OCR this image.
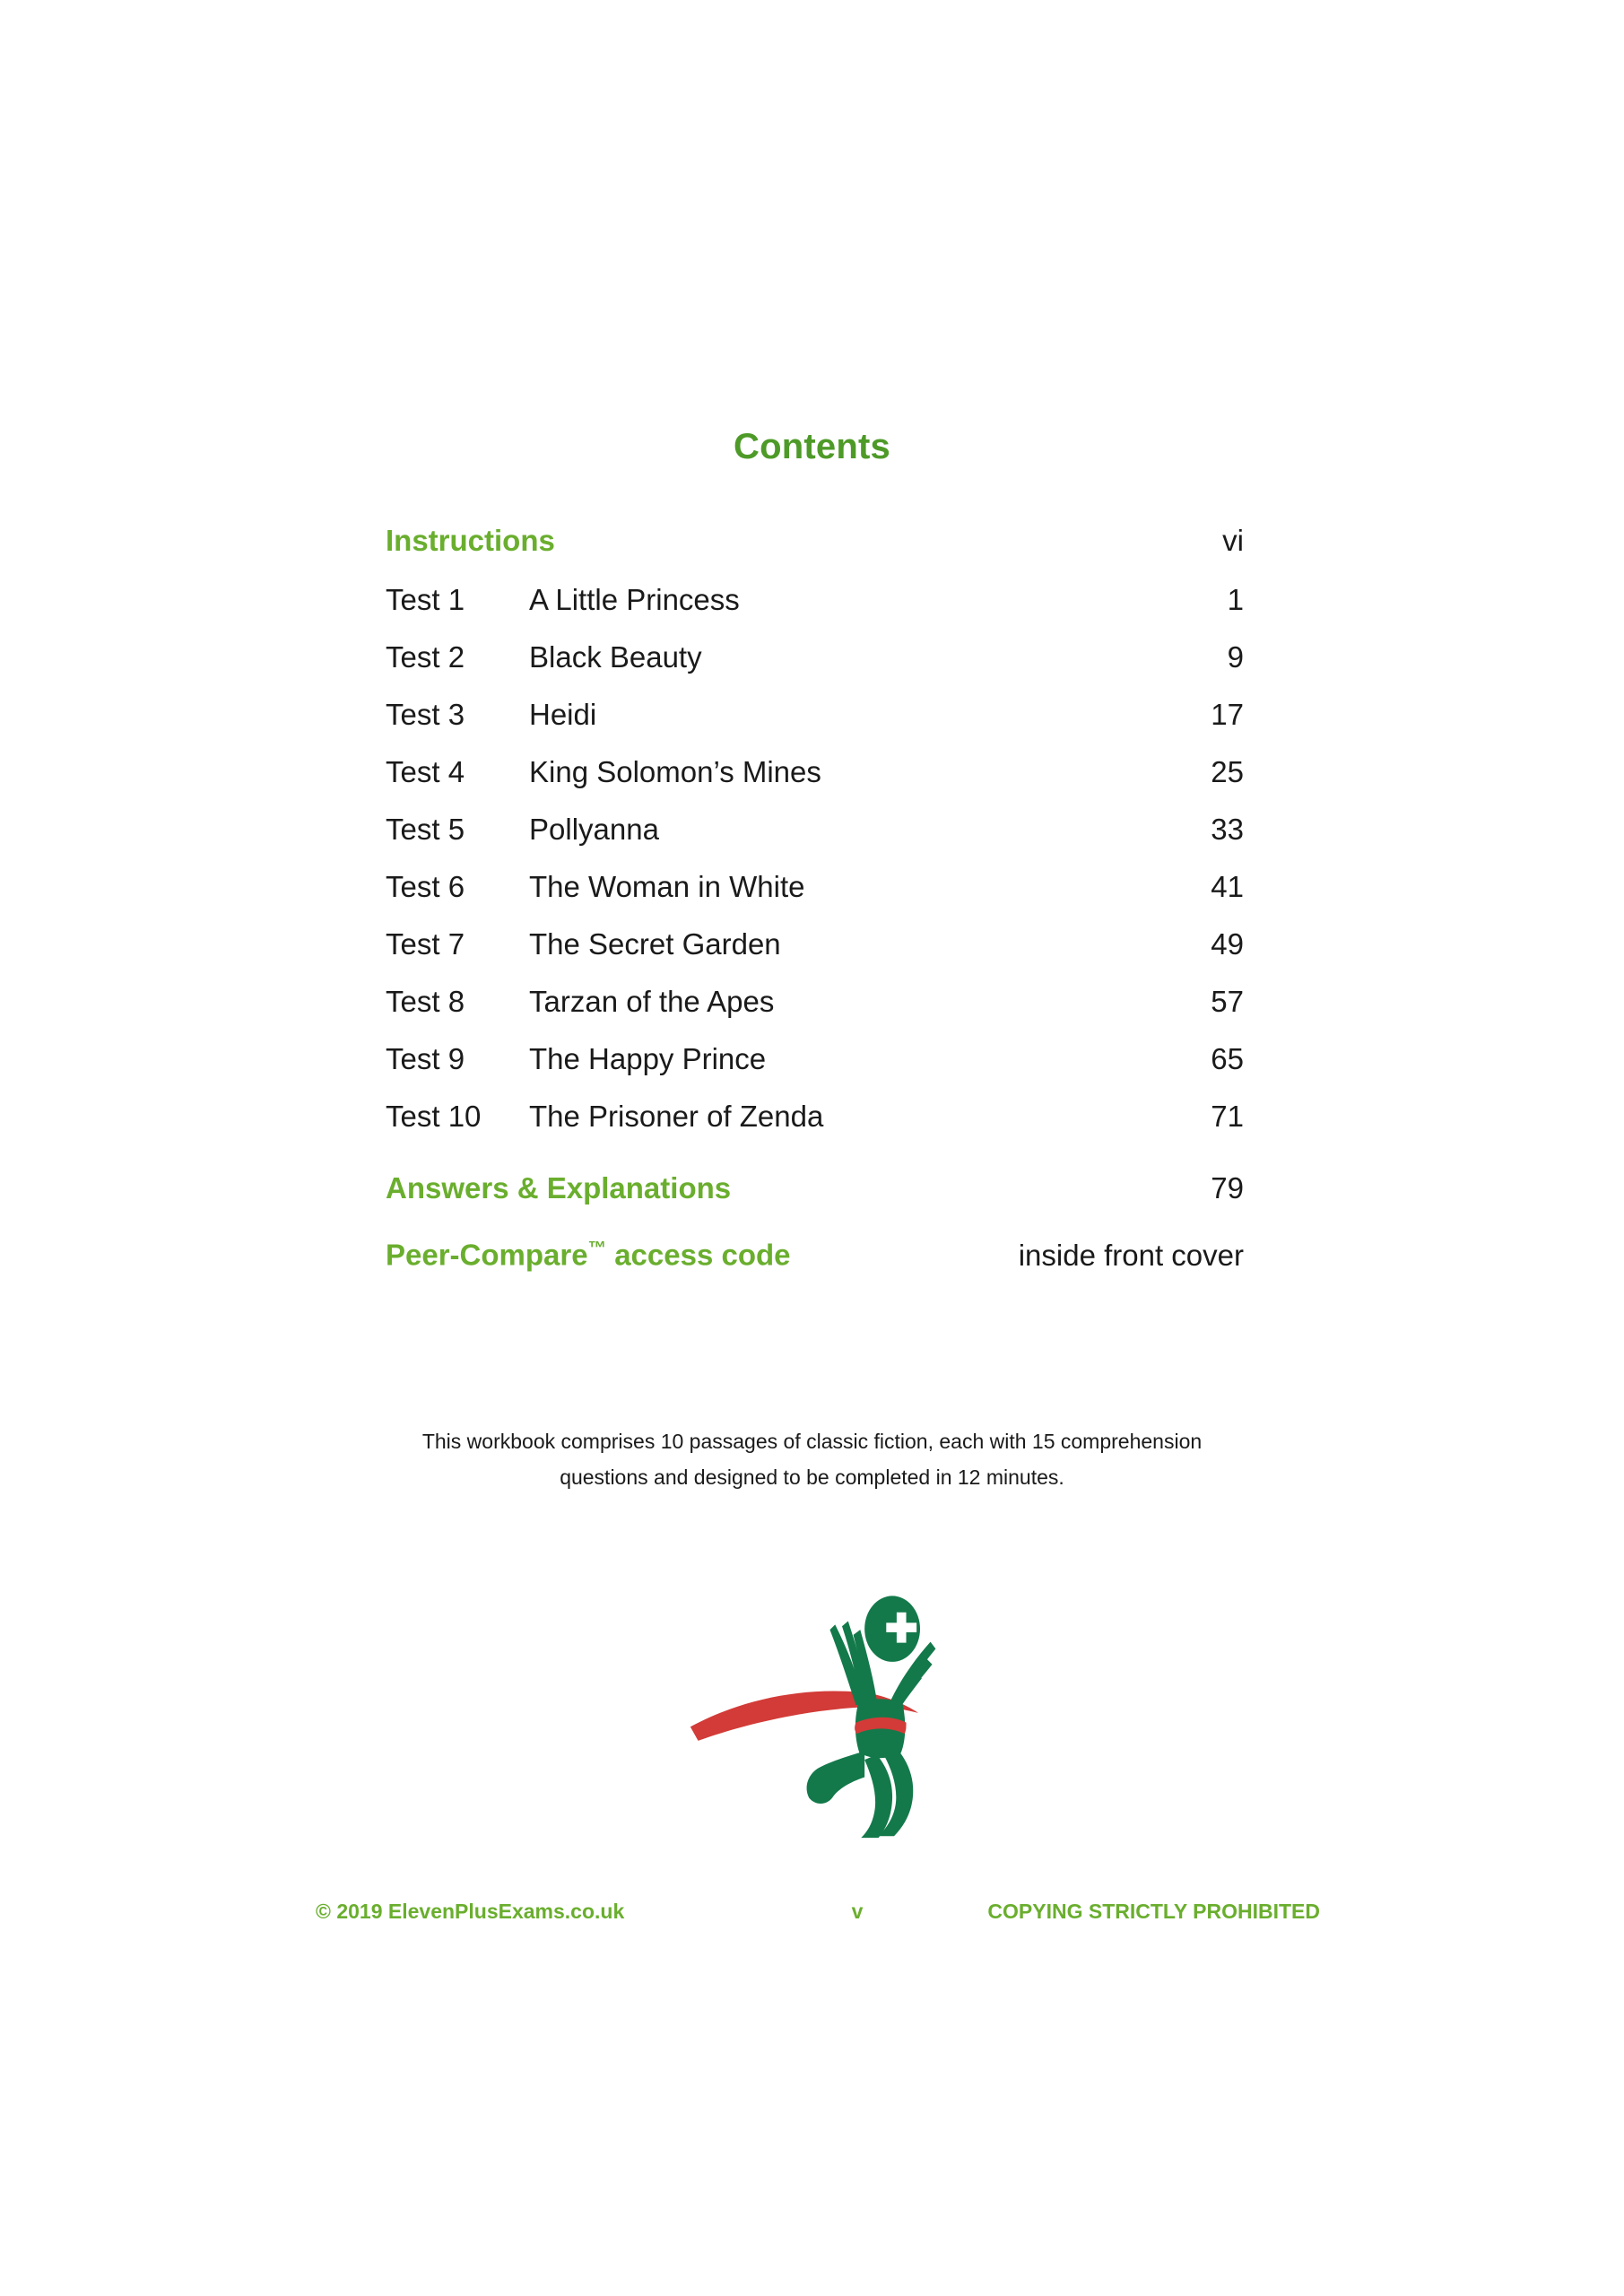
Contents
Instructions	vi
Test 1	A Little Princess	1
Test 2	Black Beauty	9
Test 3	Heidi	17
Test 4	King Solomon’s Mines	25
Test 5	Pollyanna	33
Test 6	The Woman in White	41
Test 7	The Secret Garden	49
Test 8	Tarzan of the Apes	57
Test 9	The Happy Prince	65
Test 10	The Prisoner of Zenda	71
Answers & Explanations	79
Peer-Compare™ access code	inside front cover
This workbook comprises 10 passages of classic fiction, each with 15 comprehension
questions and designed to be completed in 12 minutes.
© 2019 ElevenPlusExams.co.uk	v	COPYING STRICTLY PROHIBITED
